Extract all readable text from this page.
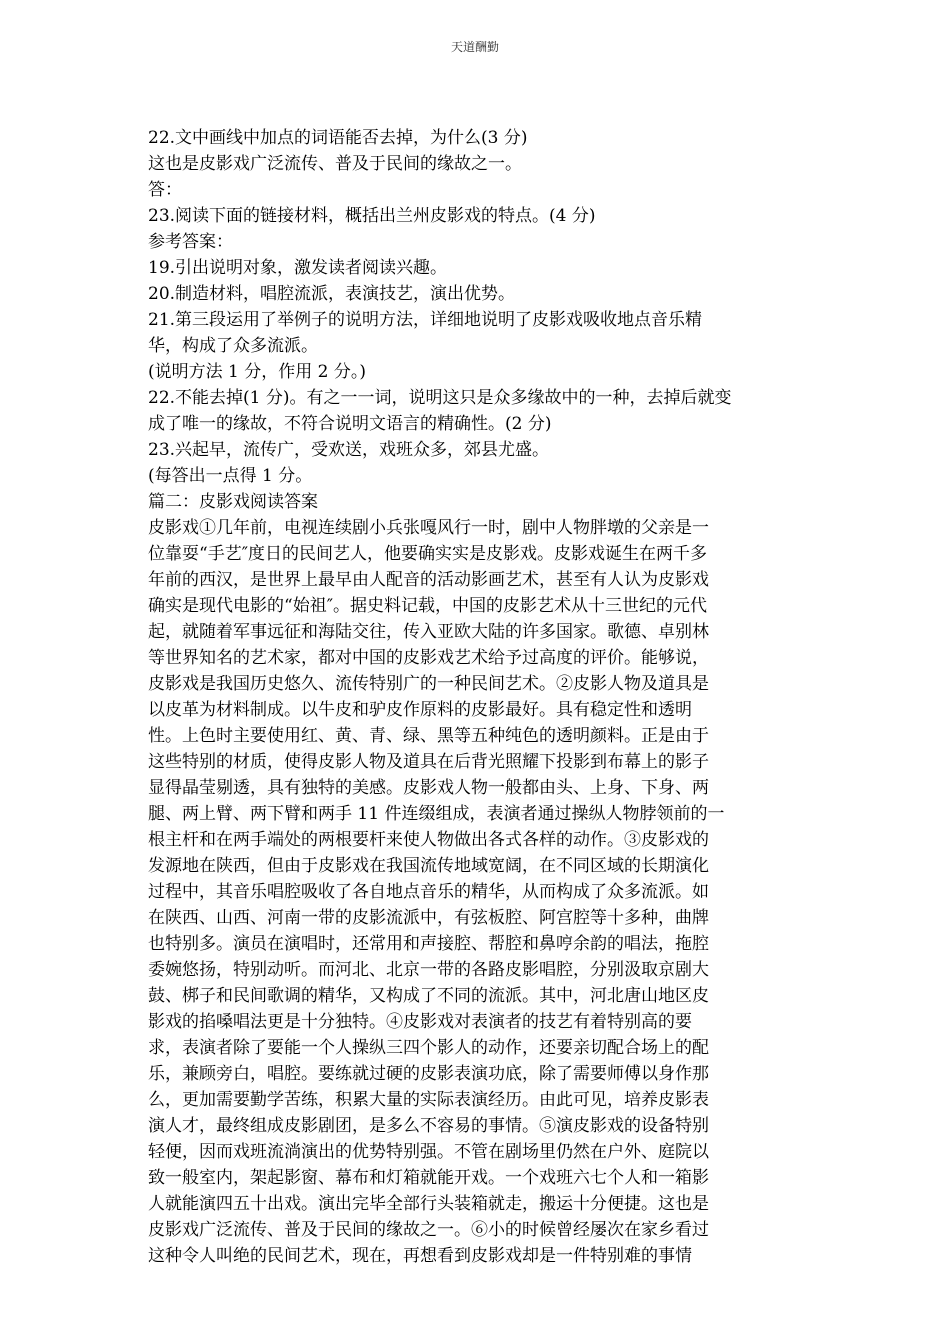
天道酬勤
22.文中画线中加点的词语能否去掉，为什么(3 分)
这也是皮影戏广泛流传、普及于民间的缘故之一。
答：
23.阅读下面的链接材料，概括出兰州皮影戏的特点。(4 分)
参考答案：
19.引出说明对象，激发读者阅读兴趣。
20.制造材料，唱腔流派，表演技艺，演出优势。
21.第三段运用了举例子的说明方法，详细地说明了皮影戏吸收地点音乐精
华，构成了众多流派。
(说明方法 1 分，作用 2 分。)
22.不能去掉(1 分)。有之一一词，说明这只是众多缘故中的一种，去掉后就变
成了唯一的缘故，不符合说明文语言的精确性。(2 分)
23.兴起早，流传广，受欢送，戏班众多，郊县尤盛。
(每答出一点得 1 分。
篇二：皮影戏阅读答案
皮影戏①几年前，电视连续剧小兵张嘎风行一时，剧中人物胖墩的父亲是一
位靠耍“手艺″度日的民间艺人，他要确实实是皮影戏。皮影戏诞生在两千多
年前的西汉，是世界上最早由人配音的活动影画艺术，甚至有人认为皮影戏
确实是现代电影的“始祖″。据史料记载，中国的皮影艺术从十三世纪的元代
起，就随着军事远征和海陆交往，传入亚欧大陆的许多国家。歌德、卓别林
等世界知名的艺术家，都对中国的皮影戏艺术给予过高度的评价。能够说，
皮影戏是我国历史悠久、流传特别广的一种民间艺术。②皮影人物及道具是
以皮革为材料制成。以牛皮和驴皮作原料的皮影最好。具有稳定性和透明
性。上色时主要使用红、黄、青、绿、黑等五种纯色的透明颜料。正是由于
这些特别的材质，使得皮影人物及道具在后背光照耀下投影到布幕上的影子
显得晶莹剔透，具有独特的美感。皮影戏人物一般都由头、上身、下身、两
腿、两上臂、两下臂和两手 11 件连缀组成，表演者通过操纵人物脖领前的一
根主杆和在两手端处的两根要杆来使人物做出各式各样的动作。③皮影戏的
发源地在陕西，但由于皮影戏在我国流传地域宽阔，在不同区域的长期演化
过程中，其音乐唱腔吸收了各自地点音乐的精华，从而构成了众多流派。如
在陕西、山西、河南一带的皮影流派中，有弦板腔、阿宫腔等十多种，曲牌
也特别多。演员在演唱时，还常用和声接腔、帮腔和鼻哼余韵的唱法，拖腔
委婉悠扬，特别动听。而河北、北京一带的各路皮影唱腔，分别汲取京剧大
鼓、梆子和民间歌调的精华，又构成了不同的流派。其中，河北唐山地区皮
影戏的掐嗓唱法更是十分独特。④皮影戏对表演者的技艺有着特别高的要
求，表演者除了要能一个人操纵三四个影人的动作，还要亲切配合场上的配
乐，兼顾旁白，唱腔。要练就过硬的皮影表演功底，除了需要师傅以身作那
么，更加需要勤学苦练，积累大量的实际表演经历。由此可见，培养皮影表
演人才，最终组成皮影剧团，是多么不容易的事情。⑤演皮影戏的设备特别
轻便，因而戏班流淌演出的优势特别强。不管在剧场里仍然在户外、庭院以
致一般室内，架起影窗、幕布和灯箱就能开戏。一个戏班六七个人和一箱影
人就能演四五十出戏。演出完毕全部行头装箱就走，搬运十分便捷。这也是
皮影戏广泛流传、普及于民间的缘故之一。⑥小的时候曾经屡次在家乡看过
这种令人叫绝的民间艺术，现在，再想看到皮影戏却是一件特别难的事情
